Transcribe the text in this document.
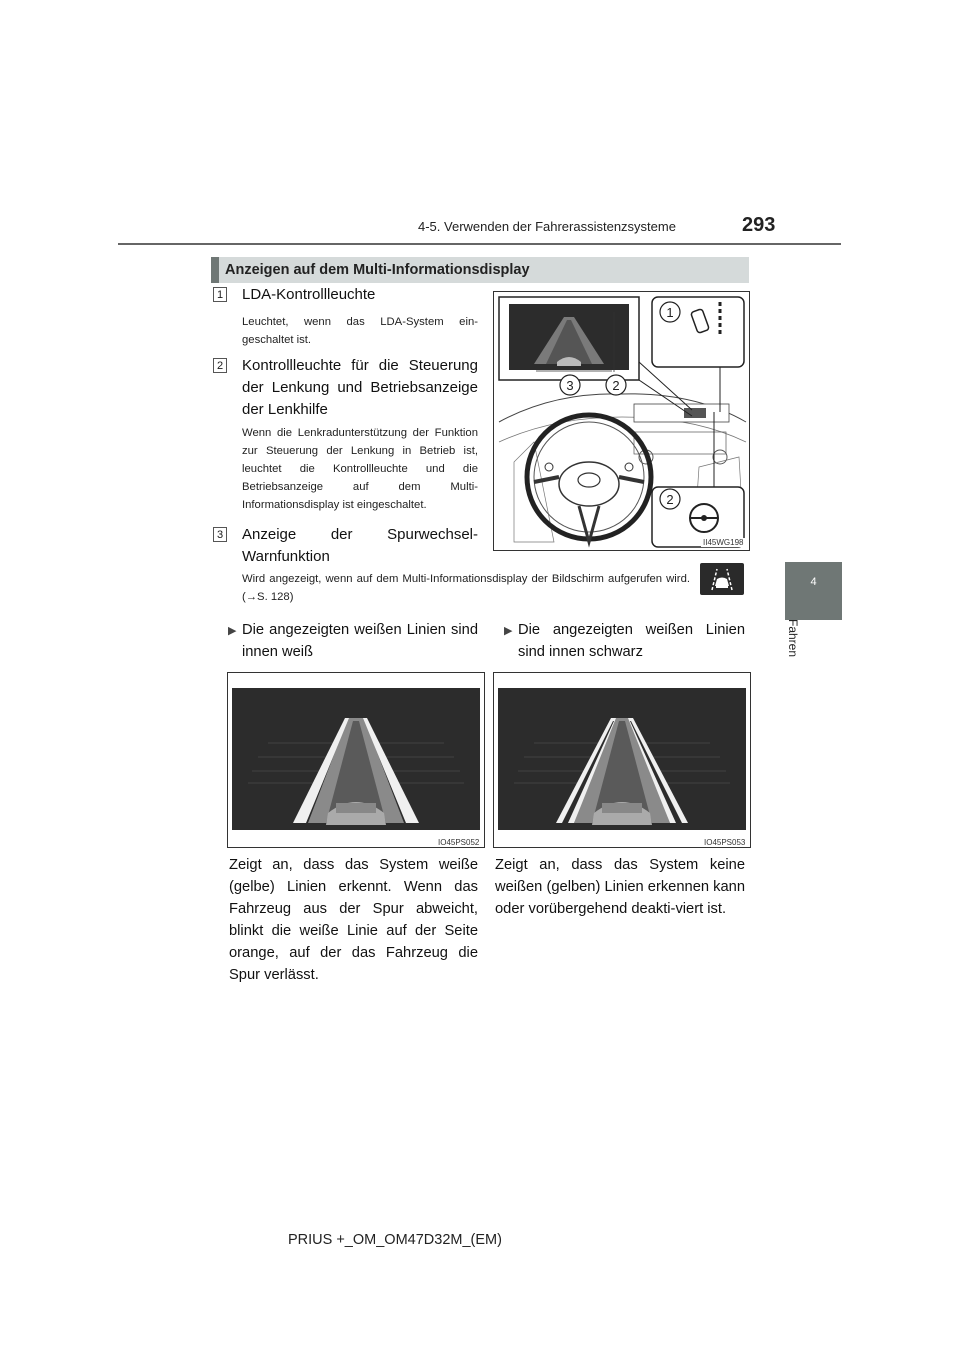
4-5. Verwenden der Fahrerassistenzsysteme	293
4
Fahren
Anzeigen auf dem Multi-Informationsdisplay
1 LDA-Kontrollleuchte
Leuchtet, wenn das LDA-System ein-geschaltet ist.
2 Kontrollleuchte für die Steuerung der Lenkung und Betriebsanzeige der Lenkhilfe
Wenn die Lenkradunterstützung der Funktion zur Steuerung der Lenkung in Betrieb ist, leuchtet die Kontrollleuchte und die Betriebsanzeige auf dem Multi-Informationsdisplay ist eingeschaltet.
3 Anzeige der Spurwechsel-Warnfunktion
Wird angezeigt, wenn auf dem Multi-Informationsdisplay der Bildschirm aufgerufen wird. (→S. 128)
3	2
1
2
II45WG198
▶ Die angezeigten weißen Linien sind innen weiß
IO45PS052
Zeigt an, dass das System weiße (gelbe) Linien erkennt. Wenn das Fahrzeug aus der Spur abweicht, blinkt die weiße Linie auf der Seite orange, auf der das Fahrzeug die Spur verlässt.
▶ Die angezeigten weißen Linien sind innen schwarz
IO45PS053
Zeigt an, dass das System keine weißen (gelben) Linien erkennen kann oder vorübergehend deakti-viert ist.
PRIUS +_OM_OM47D32M_(EM)
